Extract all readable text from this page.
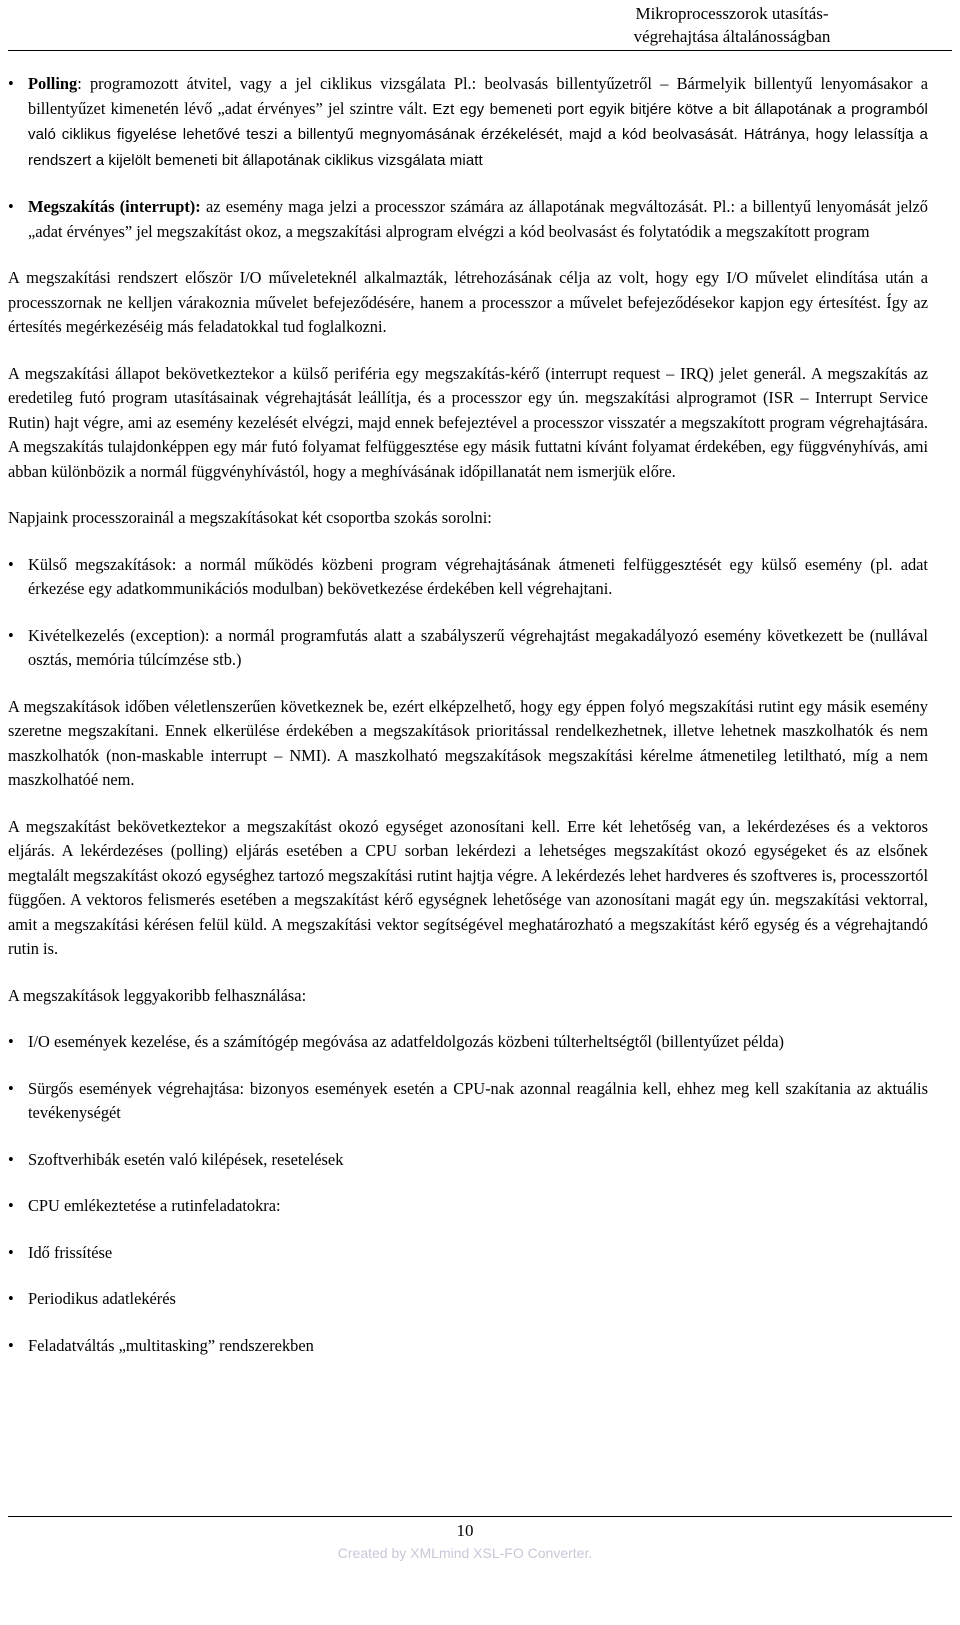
Mikroprocesszorok utasítás-
végrehajtása általánosságban
• Polling: programozott átvitel, vagy a jel ciklikus vizsgálata Pl.: beolvasás billentyűzetről – Bármelyik billentyű lenyomásakor a billentyűzet kimenetén lévő „adat érvényes” jel szintre vált. Ezt egy bemeneti port egyik bitjére kötve a bit állapotának a programból való ciklikus figyelése lehetővé teszi a billentyű megnyomásának érzékelését, majd a kód beolvasását. Hátránya, hogy lelassítja a rendszert a kijelölt bemeneti bit állapotának ciklikus vizsgálata miatt
• Megszakítás (interrupt): az esemény maga jelzi a processzor számára az állapotának megváltozását. Pl.: a billentyű lenyomását jelző „adat érvényes” jel megszakítást okoz, a megszakítási alprogram elvégzi a kód beolvasást és folytatódik a megszakított program

A megszakítási rendszert először I/O műveleteknél alkalmazták, létrehozásának célja az volt, hogy egy I/O művelet elindítása után a processzornak ne kelljen várakoznia művelet befejeződésére, hanem a processzor a művelet befejeződésekor kapjon egy értesítést. Így az értesítés megérkezéséig más feladatokkal tud foglalkozni.

A megszakítási állapot bekövetkeztekor a külső periféria egy megszakítás-kérő (interrupt request – IRQ) jelet generál. A megszakítás az eredetileg futó program utasításainak végrehajtását leállítja, és a processzor egy ún. megszakítási alprogramot (ISR – Interrupt Service Rutin) hajt végre, ami az esemény kezelését elvégzi, majd ennek befejeztével a processzor visszatér a megszakított program végrehajtására. A megszakítás tulajdonképpen egy már futó folyamat felfüggesztése egy másik futtatni kívánt folyamat érdekében, egy függvényhívás, ami abban különbözik a normál függvényhívástól, hogy a meghívásának időpillanatát nem ismerjük előre.

Napjaink processzorainál a megszakításokat két csoportba szokás sorolni:

• Külső megszakítások: a normál működés közbeni program végrehajtásának átmeneti felfüggesztését egy külső esemény (pl. adat érkezése egy adatkommunikációs modulban) bekövetkezése érdekében kell végrehajtani.
• Kivételkezelés (exception): a normál programfutás alatt a szabályszerű végrehajtást megakadályozó esemény következett be (nullával osztás, memória túlcímzése stb.)

A megszakítások időben véletlenszerűen következnek be, ezért elképzelhető, hogy egy éppen folyó megszakítási rutint egy másik esemény szeretne megszakítani. Ennek elkerülése érdekében a megszakítások prioritással rendelkezhetnek, illetve lehetnek maszkolhatók és nem maszkolhatók (non-maskable interrupt – NMI). A maszkolható megszakítások megszakítási kérelme átmenetileg letiltható, míg a nem maszkolhatóé nem.

A megszakítást bekövetkeztekor a megszakítást okozó egységet azonosítani kell. Erre két lehetőség van, a lekérdezéses és a vektoros eljárás. A lekérdezéses (polling) eljárás esetében a CPU sorban lekérdezi a lehetséges megszakítást okozó egységeket és az elsőnek megtalált megszakítást okozó egységhez tartozó megszakítási rutint hajtja végre. A lekérdezés lehet hardveres és szoftveres is, processzortól függően. A vektoros felismerés esetében a megszakítást kérő egységnek lehetősége van azonosítani magát egy ún. megszakítási vektorral, amit a megszakítási kérésen felül küld. A megszakítási vektor segítségével meghatározható a megszakítást kérő egység és a végrehajtandó rutin is.

A megszakítások leggyakoribb felhasználása:

• I/O események kezelése, és a számítógép megóvása az adatfeldolgozás közbeni túlterheltségtől (billentyűzet példa)
• Sürgős események végrehajtása: bizonyos események esetén a CPU-nak azonnal reagálnia kell, ehhez meg kell szakítania az aktuális tevékenységét
• Szoftverhibák esetén való kilépések, resetelések
• CPU emlékeztetése a rutinfeladatokra:
• Idő frissítése
• Periodikus adatlekérés
• Feladatváltás „multitasking” rendszerekben
10
Created by XMLmind XSL-FO Converter.
